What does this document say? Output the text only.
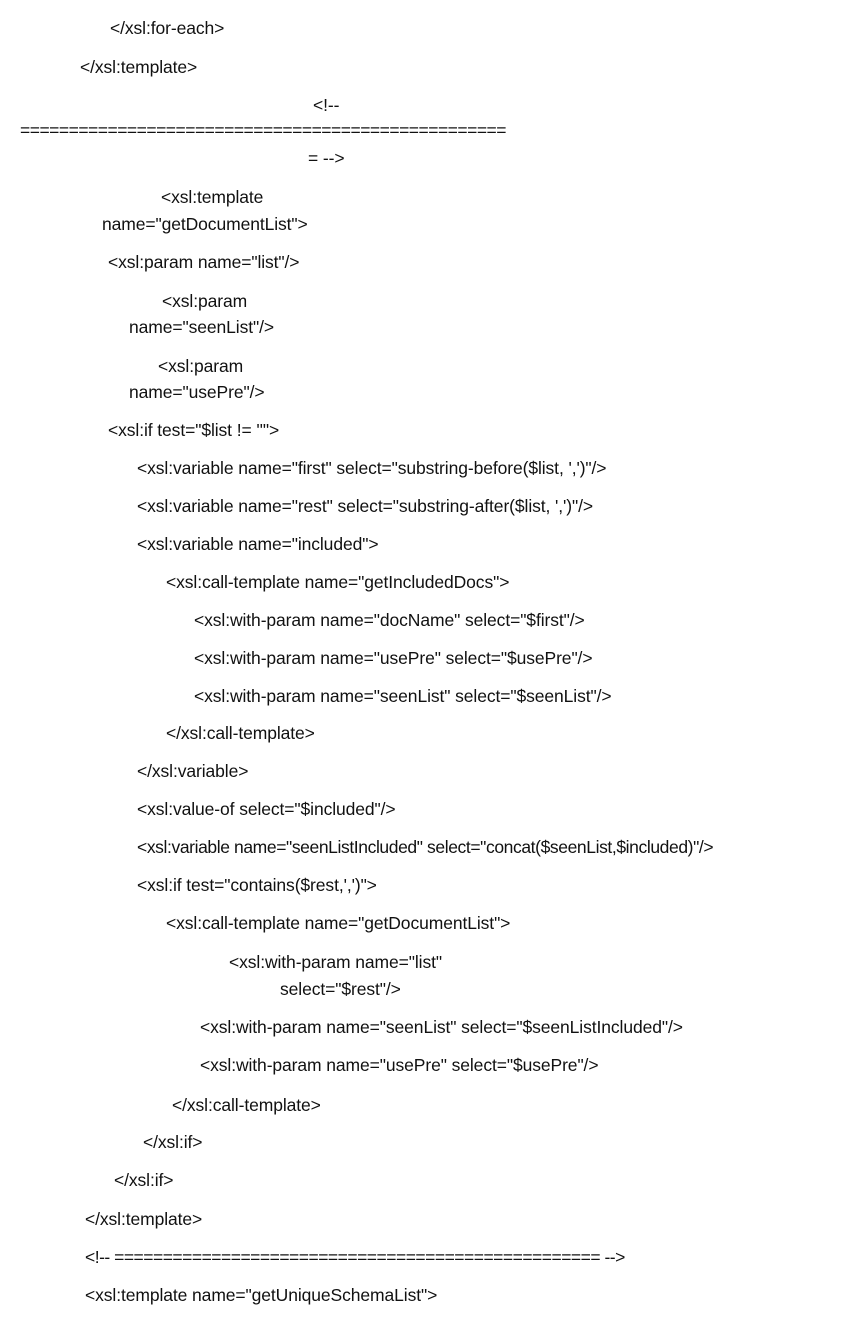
</xsl:for-each>

</xsl:template>

<!--

==================================================

= -->

<xsl:template

name="getDocumentList">

<xsl:param name="list"/>

<xsl:param

name="seenList"/>

<xsl:param

name="usePre"/>

<xsl:if test="$list != ''">

<xsl:variable name="first" select="substring-before($list, ',')"/>

<xsl:variable name="rest" select="substring-after($list, ',')"/>

<xsl:variable name="included">

<xsl:call-template name="getIncludedDocs">

<xsl:with-param name="docName" select="$first"/>

<xsl:with-param name="usePre" select="$usePre"/>

<xsl:with-param name="seenList" select="$seenList"/>

</xsl:call-template>

</xsl:variable>

<xsl:value-of select="$included"/>

<xsl:variable name="seenListIncluded" select="concat($seenList,$included)"/>

<xsl:if test="contains($rest,',')">

<xsl:call-template name="getDocumentList">

<xsl:with-param name="list"

select="$rest"/>

<xsl:with-param name="seenList" select="$seenListIncluded"/>

<xsl:with-param name="usePre" select="$usePre"/>

</xsl:call-template>

</xsl:if>

</xsl:if>

</xsl:template>

<!-- ================================================== -->

<xsl:template name="getUniqueSchemaList">
